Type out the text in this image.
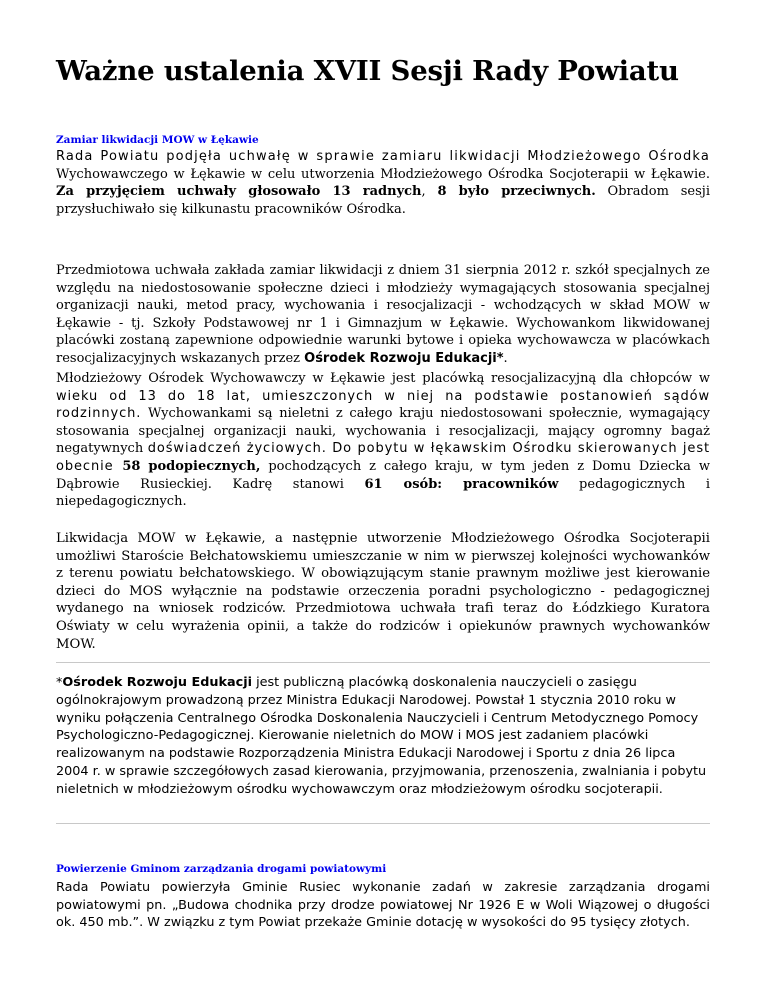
Ważne ustalenia XVII Sesji Rady Powiatu
Zamiar likwidacji MOW w Łękawie

Rada Powiatu podjęła uchwałę w sprawie zamiaru likwidacji Młodzieżowego Ośrodka Wychowawczego w Łękawie w celu utworzenia Młodzieżowego Ośrodka Socjoterapii w Łękawie. Za przyjęciem uchwały głosowało 13 radnych, 8 było przeciwnych. Obradom sesji przysłuchiwało się kilkunastu pracowników Ośrodka.

Przedmiotowa uchwała zakłada zamiar likwidacji z dniem 31 sierpnia 2012 r. szkół specjalnych ze względu na niedostosowanie społeczne dzieci i młodzieży wymagających stosowania specjalnej organizacji nauki, metod pracy, wychowania i resocjalizacji - wchodzących w skład MOW w Łękawie - tj. Szkoły Podstawowej nr 1 i Gimnazjum w Łękawie. Wychowankom likwidowanej placówki zostaną zapewnione odpowiednie warunki bytowe i opieka wychowawcza w placówkach resocjalizacyjnych wskazanych przez Ośrodek Rozwoju Edukacji*.

Młodzieżowy Ośrodek Wychowawczy w Łękawie jest placówką resocjalizacyjną dla chłopców w wieku od 13 do 18 lat, umieszczonych w niej na podstawie postanowień sądów rodzinnych. Wychowankami są nieletni z całego kraju niedostosowani społecznie, wymagający stosowania specjalnej organizacji nauki, wychowania i resocjalizacji, mający ogromny bagaż negatywnych doświadczeń życiowych. Do pobytu w łękawskim Ośrodku skierowanych jest obecnie 58 podopiecznych, pochodzących z całego kraju, w tym jeden z Domu Dziecka w Dąbrowie Rusieckiej. Kadrę stanowi 61 osób: pracowników pedagogicznych i niepedagogicznych.

Likwidacja MOW w Łękawie, a następnie utworzenie Młodzieżowego Ośrodka Socjoterapii umożliwi Staroście Bełchatowskiemu umieszczanie w nim w pierwszej kolejności wychowanków z terenu powiatu bełchatowskiego. W obowiązującym stanie prawnym możliwe jest kierowanie dzieci do MOS wyłącznie na podstawie orzeczenia poradni psychologiczno - pedagogicznej wydanego na wniosek rodziców. Przedmiotowa uchwała trafi teraz do Łódzkiego Kuratora Oświaty w celu wyrażenia opinii, a także do rodziców i opiekunów prawnych wychowanków MOW.

*Ośrodek Rozwoju Edukacji jest publiczną placówką doskonalenia nauczycieli o zasięgu ogólnokrajowym prowadzoną przez Ministra Edukacji Narodowej. Powstał 1 stycznia 2010 roku w wyniku połączenia Centralnego Ośrodka Doskonalenia Nauczycieli i Centrum Metodycznego Pomocy Psychologiczno-Pedagogicznej. Kierowanie nieletnich do MOW i MOS jest zadaniem placówki realizowanym na podstawie Rozporządzenia Ministra Edukacji Narodowej i Sportu z dnia 26 lipca 2004 r. w sprawie szczegółowych zasad kierowania, przyjmowania, przenoszenia, zwalniania i pobytu nieletnich w młodzieżowym ośrodku wychowawczym oraz młodzieżowym ośrodku socjoterapii.

Powierzenie Gminom zarządzania drogami powiatowymi

Rada Powiatu powierzyła Gminie Rusiec wykonanie zadań w zakresie zarządzania drogami powiatowymi pn. „Budowa chodnika przy drodze powiatowej Nr 1926 E w Woli Wiązowej o długości ok. 450 mb.”. W związku z tym Powiat przekaże Gminie dotację w wysokości do 95 tysięcy złotych.
